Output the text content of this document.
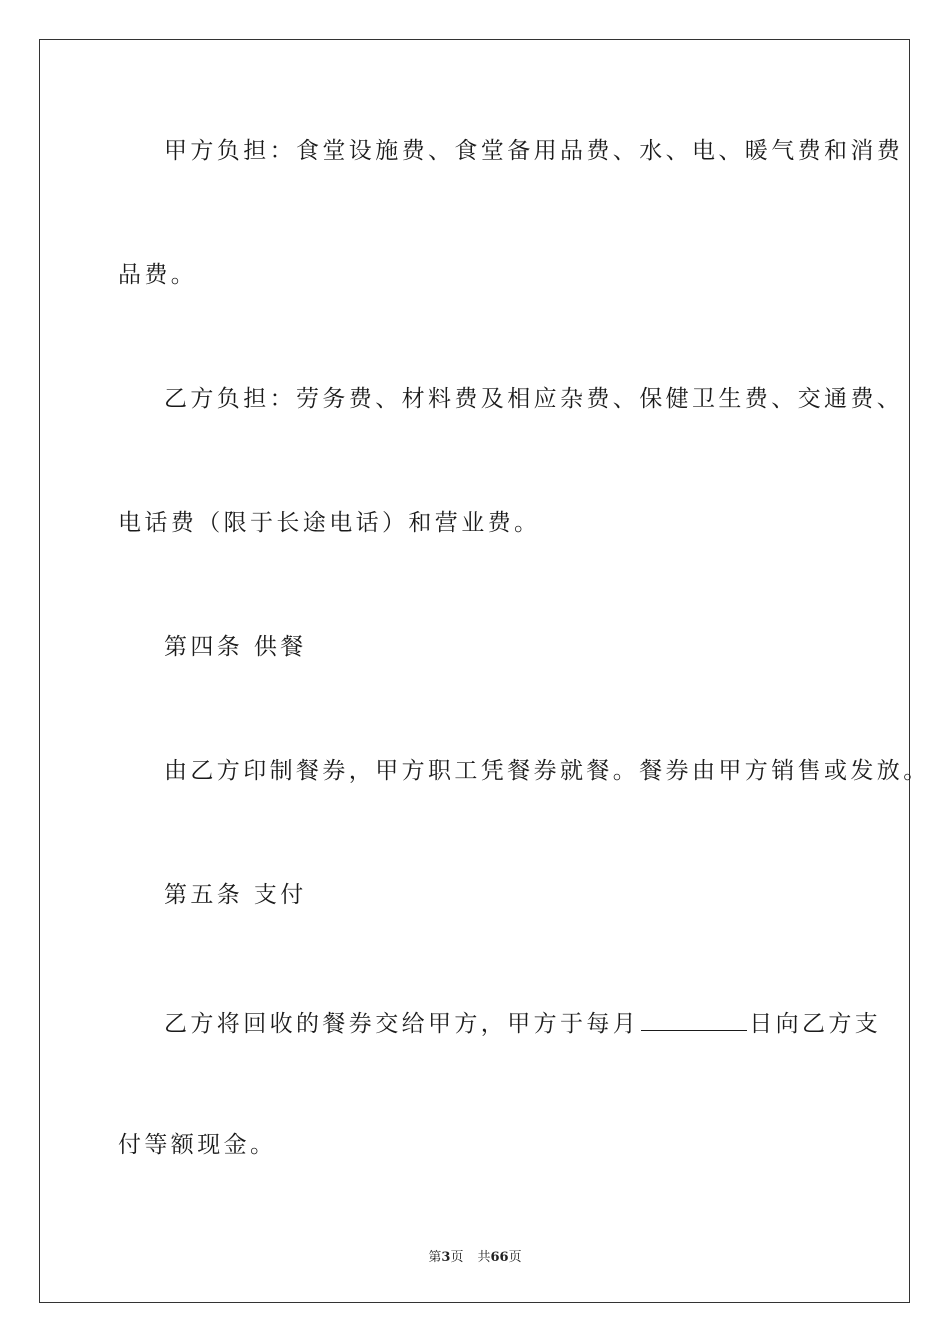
甲方负担：食堂设施费、食堂备用品费、水、电、暖气费和消费
品费。
乙方负担：劳务费、材料费及相应杂费、保健卫生费、交通费、
电话费（限于长途电话）和营业费。
第四条 供餐
由乙方印制餐券，甲方职工凭餐券就餐。餐券由甲方销售或发放。
第五条 支付
乙方将回收的餐券交给甲方，甲方于每月	日向乙方支
付等额现金。
第3页 共66页
